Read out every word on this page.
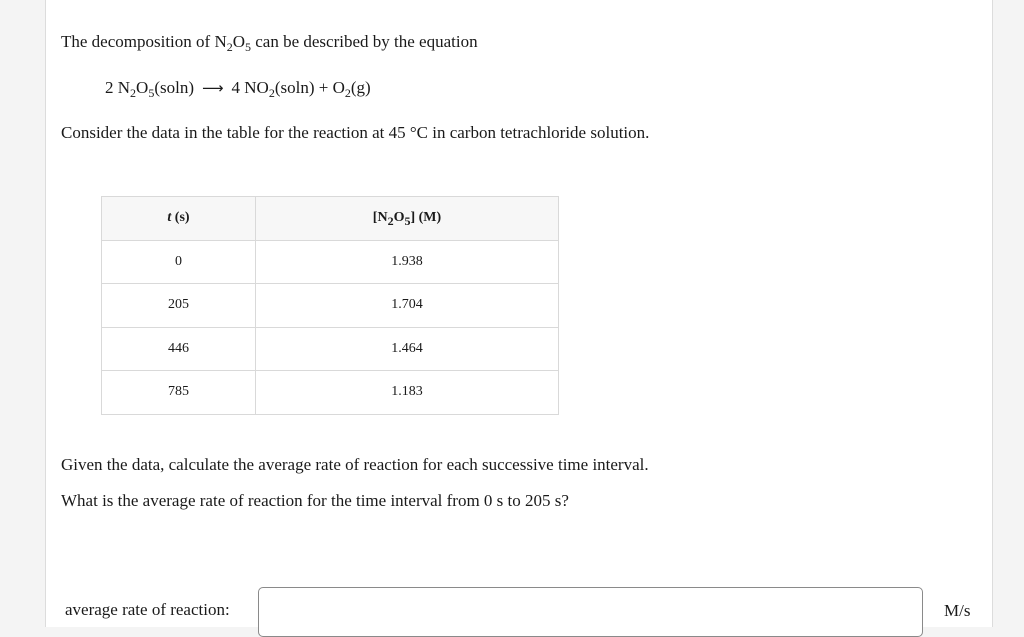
The decomposition of $N_2O_5$ can be described by the equation
2 $N_2O_5(soln)$ ⟶ 4 $NO_2(soln) + O_2(g)$
Consider the data in the table for the reaction at 45 °C in carbon tetrachloride solution.
t (s)	$[N_2O_5]$ (M)
0	1.938
205	1.704
446	1.464
785	1.183
Given the data, calculate the average rate of reaction for each successive time interval.
What is the average rate of reaction for the time interval from 0 s to 205 s?
average rate of reaction:	M/s
